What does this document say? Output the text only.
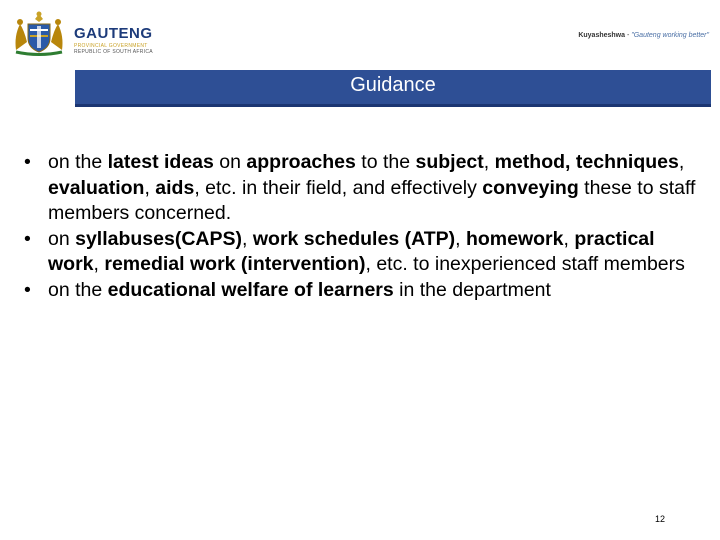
GAUTENG
PROVINCIAL GOVERNMENT
REPUBLIC OF SOUTH AFRICA
Kuyasheshwa - "Gauteng working better"
Guidance
• on the latest ideas on approaches to the subject, method, techniques, evaluation, aids, etc. in their field, and effectively conveying these to staff members concerned.
• on syllabuses(CAPS), work schedules (ATP), homework, practical work, remedial work (intervention), etc. to inexperienced staff members
• on the educational welfare of learners in the department
12
